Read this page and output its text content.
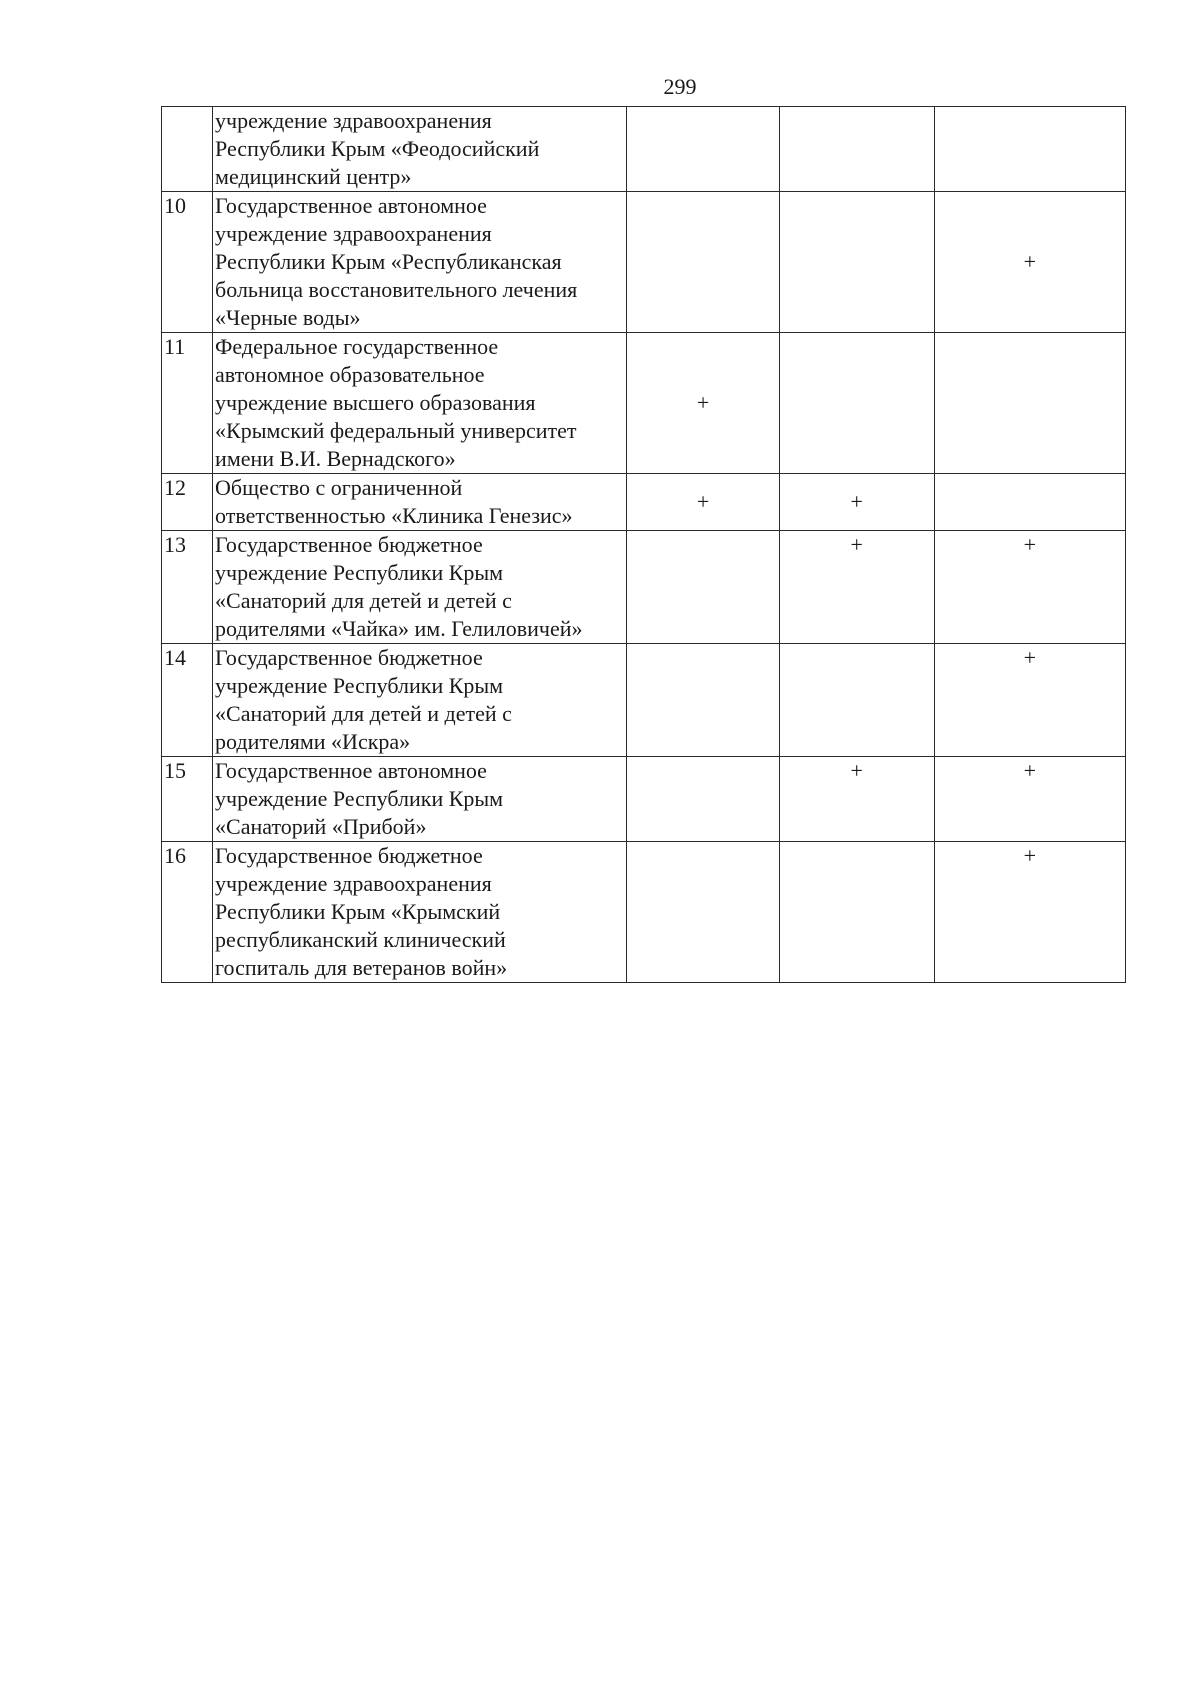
299

	учреждение здравоохранения
Республики Крым «Феодосийский
медицинский центр»			

10	Государственное автономное
учреждение здравоохранения
Республики Крым «Республиканская
больница восстановительного лечения
«Черные воды»			+
11	Федеральное государственное
автономное образовательное
учреждение высшего образования
«Крымский федеральный университет
имени В.И. Вернадского»	+		
12	Общество с ограниченной
ответственностью «Клиника Генезис»	+	+	
13	Государственное бюджетное
учреждение Республики Крым
«Санаторий для детей и детей с
родителями «Чайка» им. Гелиловичей»		+	+
14	Государственное бюджетное
учреждение Республики Крым
«Санаторий для детей и детей с
родителями «Искра»			+
15	Государственное автономное
учреждение Республики Крым
«Санаторий «Прибой»		+	+
16	Государственное бюджетное
учреждение здравоохранения
Республики Крым «Крымский
республиканский клинический
госпиталь для ветеранов войн»			+
